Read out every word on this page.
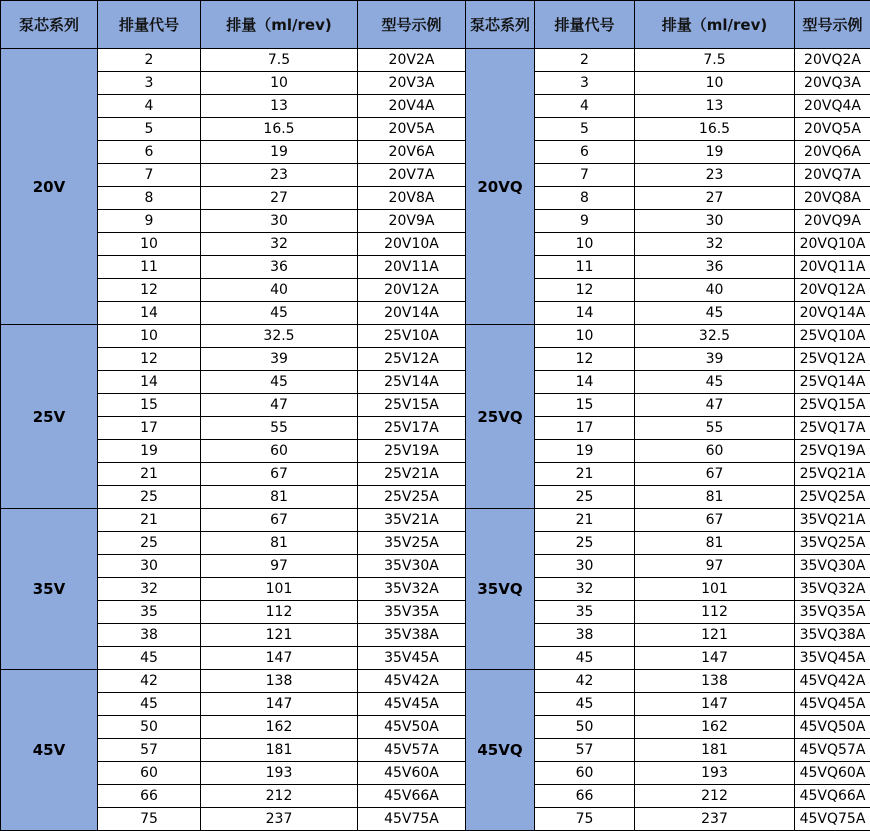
泵芯系列	排量代号	排量（ml/rev)	型号示例	泵芯系列	排量代号	排量（ml/rev)	型号示例
20V	2	7.5	20V2A	20VQ	2	7.5	20VQ2A
	3	10	20V3A		3	10	20VQ3A
	4	13	20V4A		4	13	20VQ4A
	5	16.5	20V5A		5	16.5	20VQ5A
	6	19	20V6A		6	19	20VQ6A
	7	23	20V7A		7	23	20VQ7A
	8	27	20V8A		8	27	20VQ8A
	9	30	20V9A		9	30	20VQ9A
	10	32	20V10A		10	32	20VQ10A
	11	36	20V11A		11	36	20VQ11A
	12	40	20V12A		12	40	20VQ12A
	14	45	20V14A		14	45	20VQ14A
25V	10	32.5	25V10A	25VQ	10	32.5	25VQ10A
	12	39	25V12A		12	39	25VQ12A
	14	45	25V14A		14	45	25VQ14A
	15	47	25V15A		15	47	25VQ15A
	17	55	25V17A		17	55	25VQ17A
	19	60	25V19A		19	60	25VQ19A
	21	67	25V21A		21	67	25VQ21A
	25	81	25V25A		25	81	25VQ25A
35V	21	67	35V21A	35VQ	21	67	35VQ21A
	25	81	35V25A		25	81	35VQ25A
	30	97	35V30A		30	97	35VQ30A
	32	101	35V32A		32	101	35VQ32A
	35	112	35V35A		35	112	35VQ35A
	38	121	35V38A		38	121	35VQ38A
	45	147	35V45A		45	147	35VQ45A
45V	42	138	45V42A	45VQ	42	138	45VQ42A
	45	147	45V45A		45	147	45VQ45A
	50	162	45V50A		50	162	45VQ50A
	57	181	45V57A		57	181	45VQ57A
	60	193	45V60A		60	193	45VQ60A
	66	212	45V66A		66	212	45VQ66A
	75	237	45V75A		75	237	45VQ75A
